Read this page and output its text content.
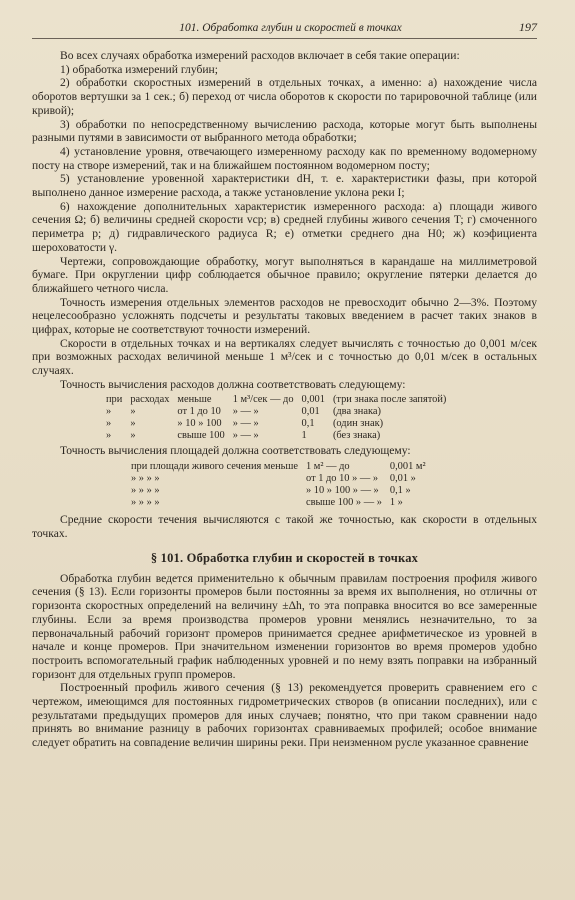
101. Обработка глубин и скоростей в точках	197

Во всех случаях обработка измерений расходов включает в себя такие операции:

1) обработка измерений глубин;

2) обработки скоростных измерений в отдельных точках, а именно: а) нахождение числа оборотов вертушки за 1 сек.; б) переход от числа оборотов к скорости по тарировочной таблице (или кривой);

3) обработки по непосредственному вычислению расхода, которые могут быть выполнены разными путями в зависимости от выбранного метода обработки;

4) установление уровня, отвечающего измеренному расходу как по временному водомерному посту на створе измерений, так и на ближайшем постоянном водомерном посту;

5) установление уровенной характеристики dH, т. е. характеристики фазы, при которой выполнено данное измерение расхода, а также установление уклона реки I;

6) нахождение дополнительных характеристик измеренного расхода: а) площади живого сечения Ω; б) величины средней скорости vср; в) средней глубины живого сечения T; г) смоченного периметра p; д) гидравлического радиуса R; е) отметки среднего дна H0; ж) коэфициента шероховатости γ.

Чертежи, сопровождающие обработку, могут выполняться в карандаше на миллиметровой бумаге. При округлении цифр соблюдается обычное правило; округление пятерки делается до ближайшего четного числа.

Точность измерения отдельных элементов расходов не превосходит обычно 2—3%. Поэтому нецелесообразно усложнять подсчеты и результаты таковых введением в расчет таких знаков в цифрах, которые не соответствуют точности измерений.

Скорости в отдельных точках и на вертикалях следует вычислять с точностью до 0,001 м/сек при возможных расходах величиной меньше 1 м³/сек и с точностью до 0,01 м/сек в остальных случаях.

Точность вычисления расходов должна соответствовать следующему:

при	расходах	меньше	1 м³/сек — до	0,001	(три знака после запятой)
»	»	от 1 до 10	» — »	0,01	(два знака)
»	»	» 10 » 100	» — »	0,1	(один знак)
»	»	свыше 100	» — »	1	(без знака)

Точность вычисления площадей должна соответствовать следующему:

при площади живого сечения меньше	1 м² — до	0,001 м²
» » » »	от 1 до 10 » — »	0,01 »
» » » »	» 10 » 100 » — »	0,1 »
» » » »	свыше 100 » — »	1 »

Средние скорости течения вычисляются с такой же точностью, как скорости в отдельных точках.

§ 101. Обработка глубин и скоростей в точках

Обработка глубин ведется применительно к обычным правилам построения профиля живого сечения (§ 13). Если горизонты промеров были постоянны за время их выполнения, но отличны от горизонта скоростных определений на величину ±Δh, то эта поправка вносится во все замеренные глубины. Если за время производства промеров уровни менялись незначительно, то за первоначальный рабочий горизонт промеров принимается среднее арифметическое из уровней в начале и конце промеров. При значительном изменении горизонтов во время промеров удобно построить вспомогательный график наблюденных уровней и по нему взять поправки на избранный горизонт для отдельных групп промеров.

Построенный профиль живого сечения (§ 13) рекомендуется проверить сравнением его с чертежом, имеющимся для постоянных гидрометрических створов (в описании последних), или с результатами предыдущих промеров для иных случаев; понятно, что при таком сравнении надо принять во внимание разницу в рабочих горизонтах сравниваемых профилей; особое внимание следует обратить на совпадение величин ширины реки. При неизменном русле указанное сравнение
